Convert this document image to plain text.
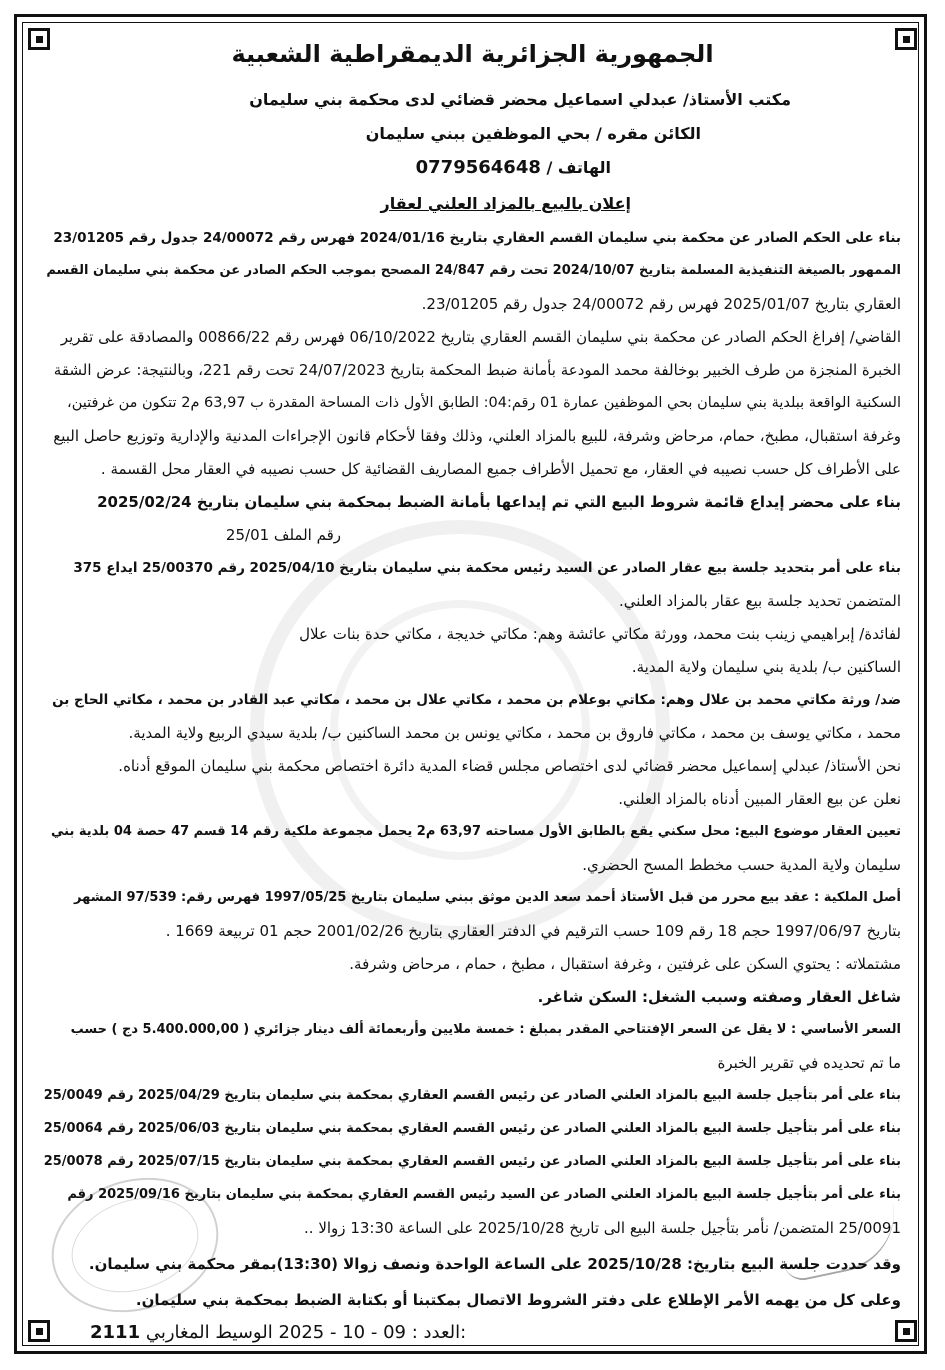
الجمهورية الجزائرية الديمقراطية الشعبية
مكتب الأستاذ/ عبدلي اسماعيل محضر قضائي لدى محكمة بني سليمان
الكائن مقره / بحي الموظفين ببني سليمان
الهاتف / 0779564648
إعلان بالبيع بالمزاد العلني لعقار
بناء على الحكم الصادر عن محكمة بني سليمان القسم العقاري بتاريخ 2024/01/16 فهرس رقم 24/00072 جدول رقم 23/01205
الممهور بالصيغة التنفيذية المسلمة بتاريخ 2024/10/07 تحت رقم 24/847 المصحح بموجب الحكم الصادر عن محكمة بني سليمان القسم
العقاري بتاريخ 2025/01/07 فهرس رقم 24/00072 جدول رقم 23/01205.
القاضي/ إفراغ الحكم الصادر عن محكمة بني سليمان القسم العقاري بتاريخ 06/10/2022 فهرس رقم 00866/22 والمصادقة على تقرير
الخبرة المنجزة من طرف الخبير بوخالفة محمد المودعة بأمانة ضبط المحكمة بتاريخ 24/07/2023 تحت رقم 221، وبالنتيجة: عرض الشقة
السكنية الواقعة ببلدية بني سليمان بحي الموظفين عمارة 01 رقم:04: الطابق الأول ذات المساحة المقدرة ب 63,97 م2 تتكون من غرفتين،
وغرفة استقبال، مطبخ، حمام، مرحاض وشرفة، للبيع بالمزاد العلني، وذلك وفقا لأحكام قانون الإجراءات المدنية والإدارية وتوزيع حاصل البيع
على الأطراف كل حسب نصيبه في العقار، مع تحميل الأطراف جميع المصاريف القضائية كل حسب نصيبه في العقار محل القسمة .
بناء على محضر إيداع قائمة شروط البيع التي تم إيداعها بأمانة الضبط بمحكمة بني سليمان بتاريخ 2025/02/24
رقم الملف 25/01
بناء على أمر بتحديد جلسة بيع عقار الصادر عن السيد رئيس محكمة بني سليمان بتاريخ 2025/04/10 رقم 25/00370 ايداع 375
المتضمن تحديد جلسة بيع عقار بالمزاد العلني.
لفائدة/ إبراهيمي زينب بنت محمد، وورثة مكاتي عائشة وهم: مكاتي خديجة ، مكاتي حدة بنات علال
الساكنين ب/ بلدية بني سليمان ولاية المدية.
ضد/ ورثة مكاتي محمد بن علال وهم: مكاتي بوعلام بن محمد ، مكاتي علال بن محمد ، مكاتي عبد القادر بن محمد ، مكاتي الحاج بن
محمد ، مكاتي يوسف بن محمد ، مكاتي فاروق بن محمد ، مكاتي يونس بن محمد الساكنين ب/ بلدية سيدي الربيع ولاية المدية.
نحن الأستاذ/ عبدلي إسماعيل محضر قضائي لدى اختصاص مجلس قضاء المدية دائرة اختصاص محكمة بني سليمان الموقع أدناه.
نعلن عن بيع العقار المبين أدناه بالمزاد العلني.
تعيين العقار موضوع البيع: محل سكني يقع بالطابق الأول مساحته 63,97 م2 يحمل مجموعة ملكية رقم 14 قسم 47 حصة 04 بلدية بني
سليمان ولاية المدية حسب مخطط المسح الحضري.
أصل الملكية : عقد بيع محرر من قبل الأستاذ أحمد سعد الدين موثق ببني سليمان بتاريخ 1997/05/25 فهرس رقم: 97/539 المشهر
بتاريخ 1997/06/97 حجم 18 رقم 109 حسب الترقيم في الدفتر العقاري بتاريخ 2001/02/26 حجم 01 تربيعة 1669 .
مشتملاته : يحتوي السكن على غرفتين ، وغرفة استقبال ، مطبخ ، حمام ، مرحاض وشرفة.
شاغل العقار وصفته وسبب الشغل: السكن شاغر.
السعر الأساسي : لا يقل عن السعر الإفتتاحي المقدر بمبلغ : خمسة ملايين وأربعمائة ألف دينار جزائري ( 5.400.000,00 دج ) حسب
ما تم تحديده في تقرير الخبرة
بناء على أمر بتأجيل جلسة البيع بالمزاد العلني الصادر عن رئيس القسم العقاري بمحكمة بني سليمان بتاريخ 2025/04/29 رقم 25/0049
بناء على أمر بتأجيل جلسة البيع بالمزاد العلني الصادر عن رئيس القسم العقاري بمحكمة بني سليمان بتاريخ 2025/06/03 رقم 25/0064
بناء على أمر بتأجيل جلسة البيع بالمزاد العلني الصادر عن رئيس القسم العقاري بمحكمة بني سليمان بتاريخ 2025/07/15 رقم 25/0078
بناء على أمر بتأجيل جلسة البيع بالمزاد العلني الصادر عن السيد رئيس القسم العقاري بمحكمة بني سليمان بتاريخ 2025/09/16 رقم
25/0091 المتضمن/ نأمر بتأجيل جلسة البيع الى تاريخ 2025/10/28 على الساعة 13:30 زوالا ..
وقد حددت جلسة البيع بتاريخ: 2025/10/28 على الساعة الواحدة ونصف زوالا (13:30)بمقر محكمة بني سليمان.
وعلى كل من يهمه الأمر الإطلاع على دفتر الشروط الاتصال بمكتبنا أو بكتابة الضبط بمحكمة بني سليمان.
2111	العدد : 09 - 10 - 2025 الوسيط المغاربي:
